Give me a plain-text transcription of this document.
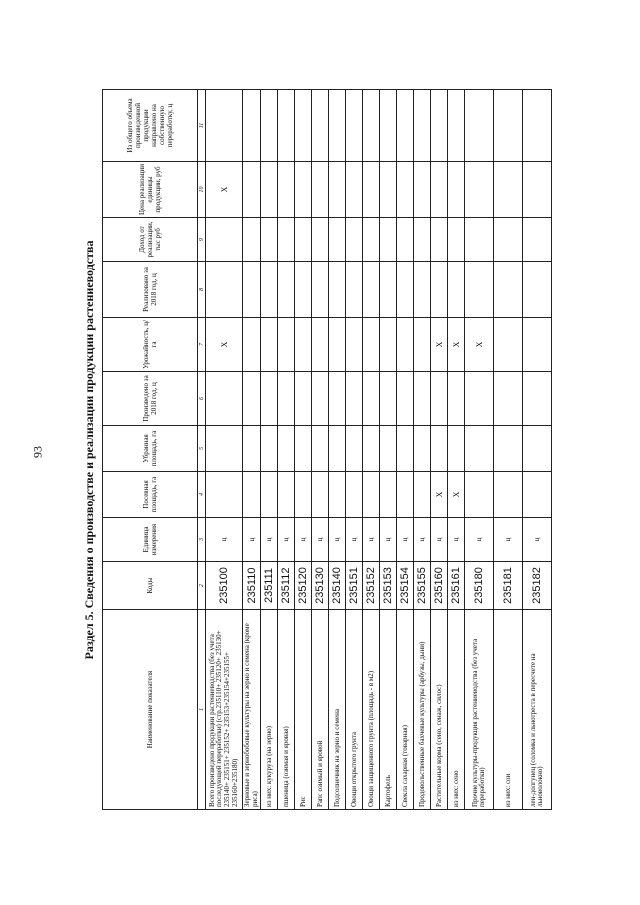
93	Раздел 5. Сведения о производстве и реализации продукции растениеводства
Наименование показателя	Коды	Единица измерения	Посевная площадь, га	Убранная площадь, га	Произведено за 2018 год, ц	Урожайность, ц/га	Реализовано за 2018 год, ц	Доход от реализации, тыс руб	Цена реализации единицы продукции, руб	Из общего объема произведенной продукции направлено на собственную переработку, ц
1	2	3	4	5	6	7	8	9	10	11
Всего произведено продукции растениеводства (без учета последующей переработки) (стр.235110+ 235120+ 235130+ 235140+ 235151+ 235152+ 235153+235154+235155+ 235160+235180)	235100	ц				X			X	
Зерновые и зернобобовые культуры на зерно и семена (кроме риса)	235110	ц								
из них: кукуруза (на зерно)	235111	ц								
пшеница (озимая и яровая)	235112	ц								
Рис	235120	ц								
Рапс озимый и яровой	235130	ц								
Подсолнечник на зерно и семена	235140	ц								
Овощи открытого грунта	235151	ц								
Овощи защищенного грунта (площадь - в м2)	235152	ц								
Картофель	235153	ц								
Свекла сахарная (товарная)	235154	ц								
Продовольственные бахчевые культуры (арбузы, дыни)	235155	ц								
Растительные корма (сено, сенаж, силос)	235160	ц	X			X				
из них: сено	235161	ц	X			X				
Прочие культуры-продукция растениеводства (без учета переработки)	235180	ц				X				
из них: сои	235181	ц								
лен-долгунец (соломка и льнотреста в пересчете на льноволокно)	235182	ц								
